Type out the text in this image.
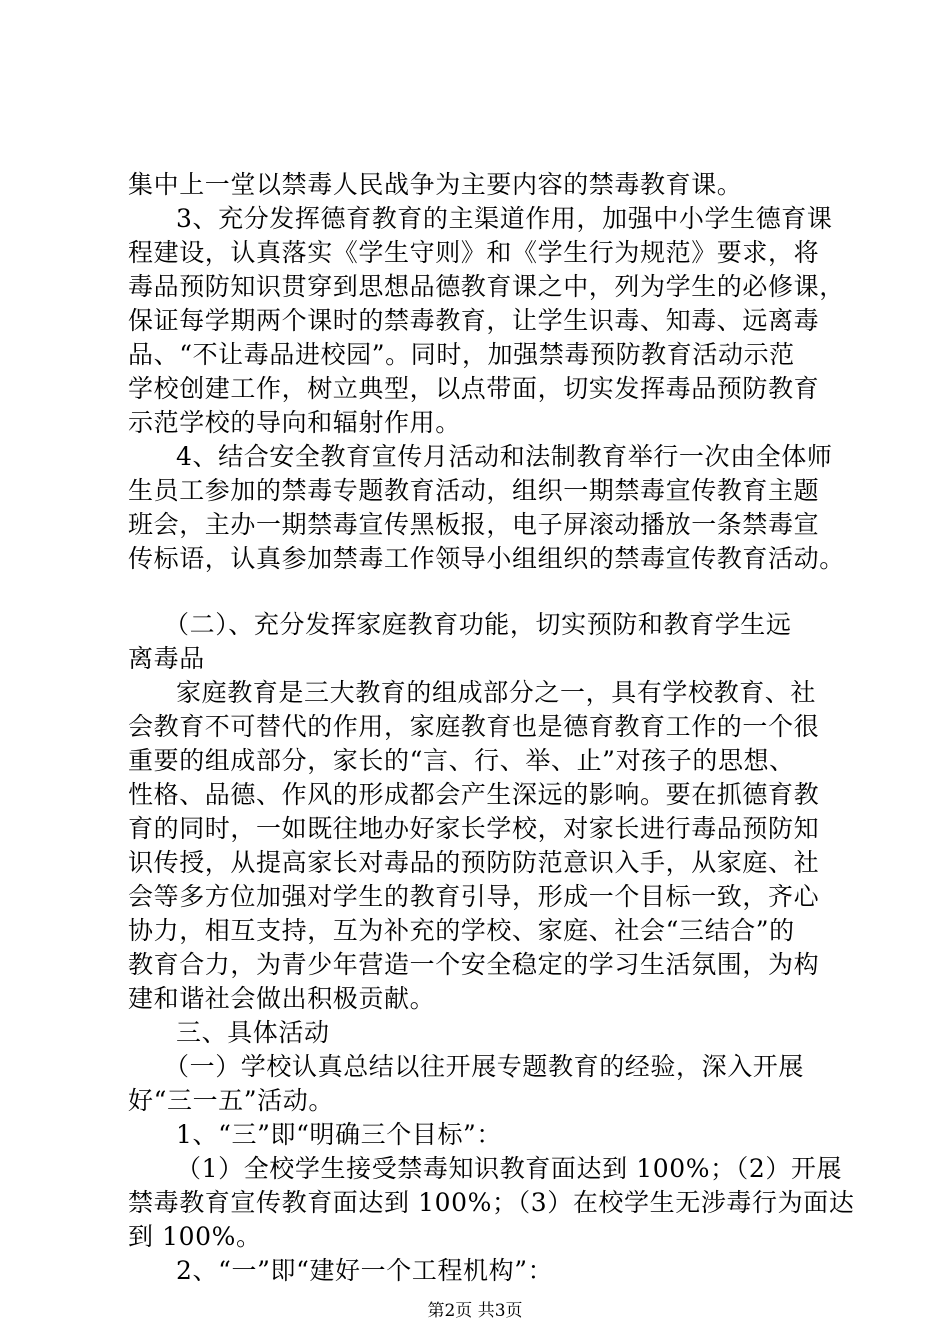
集中上一堂以禁毒人民战争为主要内容的禁毒教育课。
3、充分发挥德育教育的主渠道作用，加强中小学生德育课
程建设，认真落实《学生守则》和《学生行为规范》要求，将
毒品预防知识贯穿到思想品德教育课之中，列为学生的必修课，
保证每学期两个课时的禁毒教育，让学生识毒、知毒、远离毒
品、“不让毒品进校园”。同时，加强禁毒预防教育活动示范
学校创建工作，树立典型，以点带面，切实发挥毒品预防教育
示范学校的导向和辐射作用。
4、结合安全教育宣传月活动和法制教育举行一次由全体师
生员工参加的禁毒专题教育活动，组织一期禁毒宣传教育主题
班会，主办一期禁毒宣传黑板报，电子屏滚动播放一条禁毒宣
传标语，认真参加禁毒工作领导小组组织的禁毒宣传教育活动。
（二）、充分发挥家庭教育功能，切实预防和教育学生远
离毒品
家庭教育是三大教育的组成部分之一，具有学校教育、社
会教育不可替代的作用，家庭教育也是德育教育工作的一个很
重要的组成部分，家长的“言、行、举、止”对孩子的思想、
性格、品德、作风的形成都会产生深远的影响。要在抓德育教
育的同时，一如既往地办好家长学校，对家长进行毒品预防知
识传授，从提高家长对毒品的预防防范意识入手，从家庭、社
会等多方位加强对学生的教育引导，形成一个目标一致，齐心
协力，相互支持，互为补充的学校、家庭、社会“三结合”的
教育合力，为青少年营造一个安全稳定的学习生活氛围，为构
建和谐社会做出积极贡献。
三、具体活动
（一）学校认真总结以往开展专题教育的经验，深入开展
好“三一五”活动。
1、“三”即“明确三个目标”：
（1）全校学生接受禁毒知识教育面达到 100%；（2）开展
禁毒教育宣传教育面达到 100%；（3）在校学生无涉毒行为面达
到 100%。
2、“一”即“建好一个工程机构”：
第2页 共3页
